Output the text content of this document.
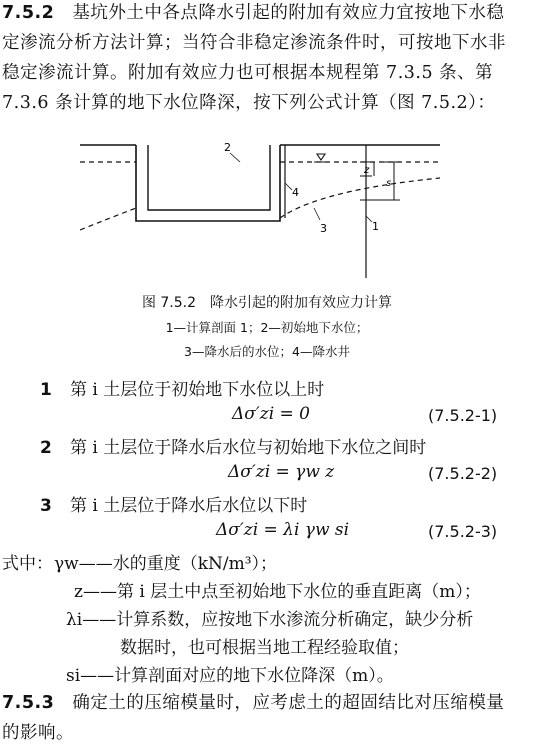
7.5.2　 基坑外土中各点降水引起的附加有效应力宜按地下水稳
定渗流分析方法计算；当符合非稳定渗流条件时，可按地下水非
稳定渗流计算。附加有效应力也可根据本规程第 7.3.5 条、第
7.3.6 条计算的地下水位降深，按下列公式计算（图 7.5.2）：
z
s
2
4
3	1
图 7.5.2　降水引起的附加有效应力计算
1—计算剖面 1；2—初始地下水位；
3—降水后的水位；4—降水井
1 第 i 土层位于初始地下水位以上时
Δσ′zi = 0	(7.5.2-1)
2 第 i 土层位于降水后水位与初始地下水位之间时
Δσ′zi = γw z	(7.5.2-2)
3 第 i 土层位于降水后水位以下时
Δσ′zi = λi γw si	(7.5.2-3)
式中： γw——水的重度（kN/m³）；
z——第 i 层土中点至初始地下水位的垂直距离（m）；
λi——计算系数，应按地下水渗流分析确定，缺少分析
数据时，也可根据当地工程经验取值；
si——计算剖面对应的地下水位降深（m）。
7.5.3　 确定土的压缩模量时，应考虑土的超固结比对压缩模量
的影响。
